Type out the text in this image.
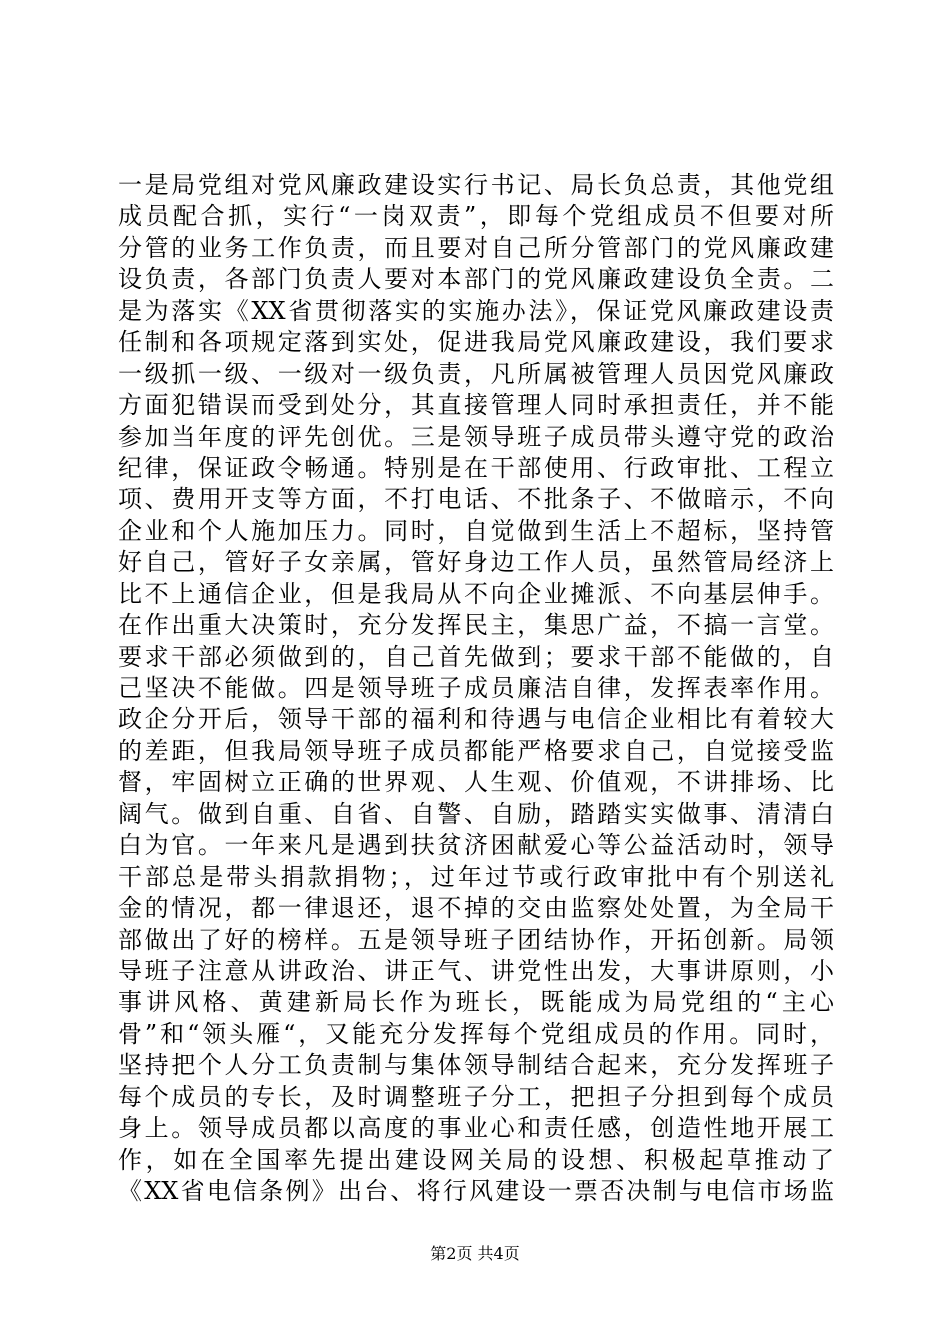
一是局党组对党风廉政建设实行书记、局长负总责，其他党组
成员配合抓，实行“一岗双责”，即每个党组成员不但要对所
分管的业务工作负责，而且要对自己所分管部门的党风廉政建
设负责，各部门负责人要对本部门的党风廉政建设负全责。二
是为落实《XX省贯彻落实的实施办法》，保证党风廉政建设责
任制和各项规定落到实处，促进我局党风廉政建设，我们要求
一级抓一级、一级对一级负责，凡所属被管理人员因党风廉政
方面犯错误而受到处分，其直接管理人同时承担责任，并不能
参加当年度的评先创优。三是领导班子成员带头遵守党的政治
纪律，保证政令畅通。特别是在干部使用、行政审批、工程立
项、费用开支等方面，不打电话、不批条子、不做暗示，不向
企业和个人施加压力。同时，自觉做到生活上不超标，坚持管
好自己，管好子女亲属，管好身边工作人员，虽然管局经济上
比不上通信企业，但是我局从不向企业摊派、不向基层伸手。
在作出重大决策时，充分发挥民主，集思广益，不搞一言堂。
要求干部必须做到的，自己首先做到；要求干部不能做的，自
己坚决不能做。四是领导班子成员廉洁自律，发挥表率作用。
政企分开后，领导干部的福利和待遇与电信企业相比有着较大
的差距，但我局领导班子成员都能严格要求自己，自觉接受监
督，牢固树立正确的世界观、人生观、价值观，不讲排场、比
阔气。做到自重、自省、自警、自励，踏踏实实做事、清清白
白为官。一年来凡是遇到扶贫济困献爱心等公益活动时，领导
干部总是带头捐款捐物；，过年过节或行政审批中有个别送礼
金的情况，都一律退还，退不掉的交由监察处处置，为全局干
部做出了好的榜样。五是领导班子团结协作，开拓创新。局领
导班子注意从讲政治、讲正气、讲党性出发，大事讲原则，小
事讲风格、黄建新局长作为班长，既能成为局党组的“主心
骨”和“领头雁“，又能充分发挥每个党组成员的作用。同时，
坚持把个人分工负责制与集体领导制结合起来，充分发挥班子
每个成员的专长，及时调整班子分工，把担子分担到每个成员
身上。领导成员都以高度的事业心和责任感，创造性地开展工
作，如在全国率先提出建设网关局的设想、积极起草推动了
《XX省电信条例》出台、将行风建设一票否决制与电信市场监
第2页 共4页
